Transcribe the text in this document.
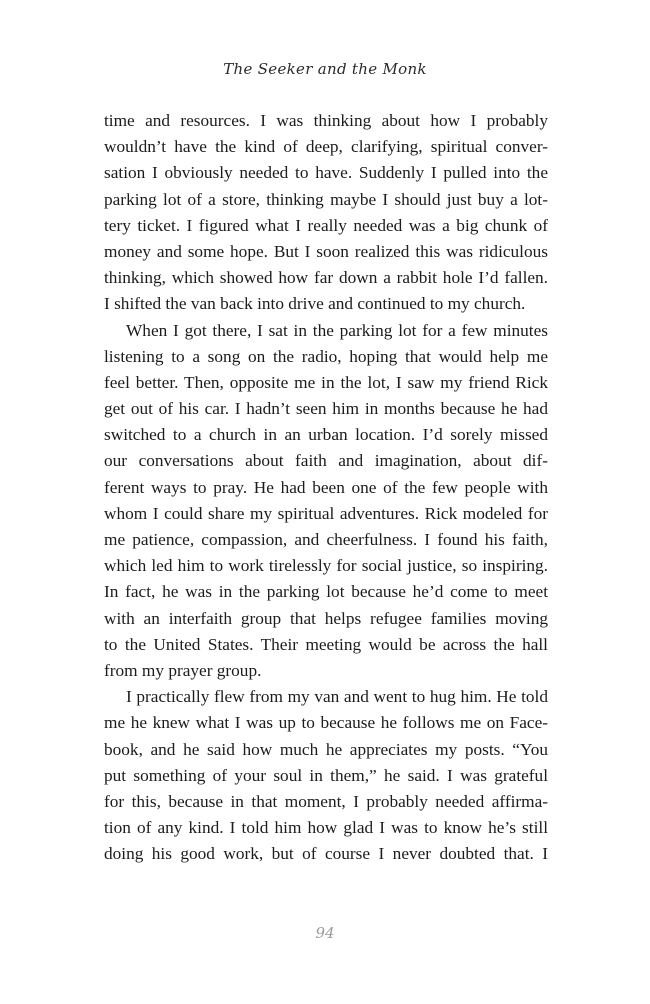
The Seeker and the Monk
time and resources. I was thinking about how I probably
wouldn’t have the kind of deep, clarifying, spiritual conver-
sation I obviously needed to have. Suddenly I pulled into the
parking lot of a store, thinking maybe I should just buy a lot-
tery ticket. I figured what I really needed was a big chunk of
money and some hope. But I soon realized this was ridiculous
thinking, which showed how far down a rabbit hole I’d fallen.
I shifted the van back into drive and continued to my church.
When I got there, I sat in the parking lot for a few minutes
listening to a song on the radio, hoping that would help me
feel better. Then, opposite me in the lot, I saw my friend Rick
get out of his car. I hadn’t seen him in months because he had
switched to a church in an urban location. I’d sorely missed
our conversations about faith and imagination, about dif-
ferent ways to pray. He had been one of the few people with
whom I could share my spiritual adventures. Rick modeled for
me patience, compassion, and cheerfulness. I found his faith,
which led him to work tirelessly for social justice, so inspiring.
In fact, he was in the parking lot because he’d come to meet
with an interfaith group that helps refugee families moving
to the United States. Their meeting would be across the hall
from my prayer group.
I practically flew from my van and went to hug him. He told
me he knew what I was up to because he follows me on Face-
book, and he said how much he appreciates my posts. “You
put something of your soul in them,” he said. I was grateful
for this, because in that moment, I probably needed affirma-
tion of any kind. I told him how glad I was to know he’s still
doing his good work, but of course I never doubted that. I
94
